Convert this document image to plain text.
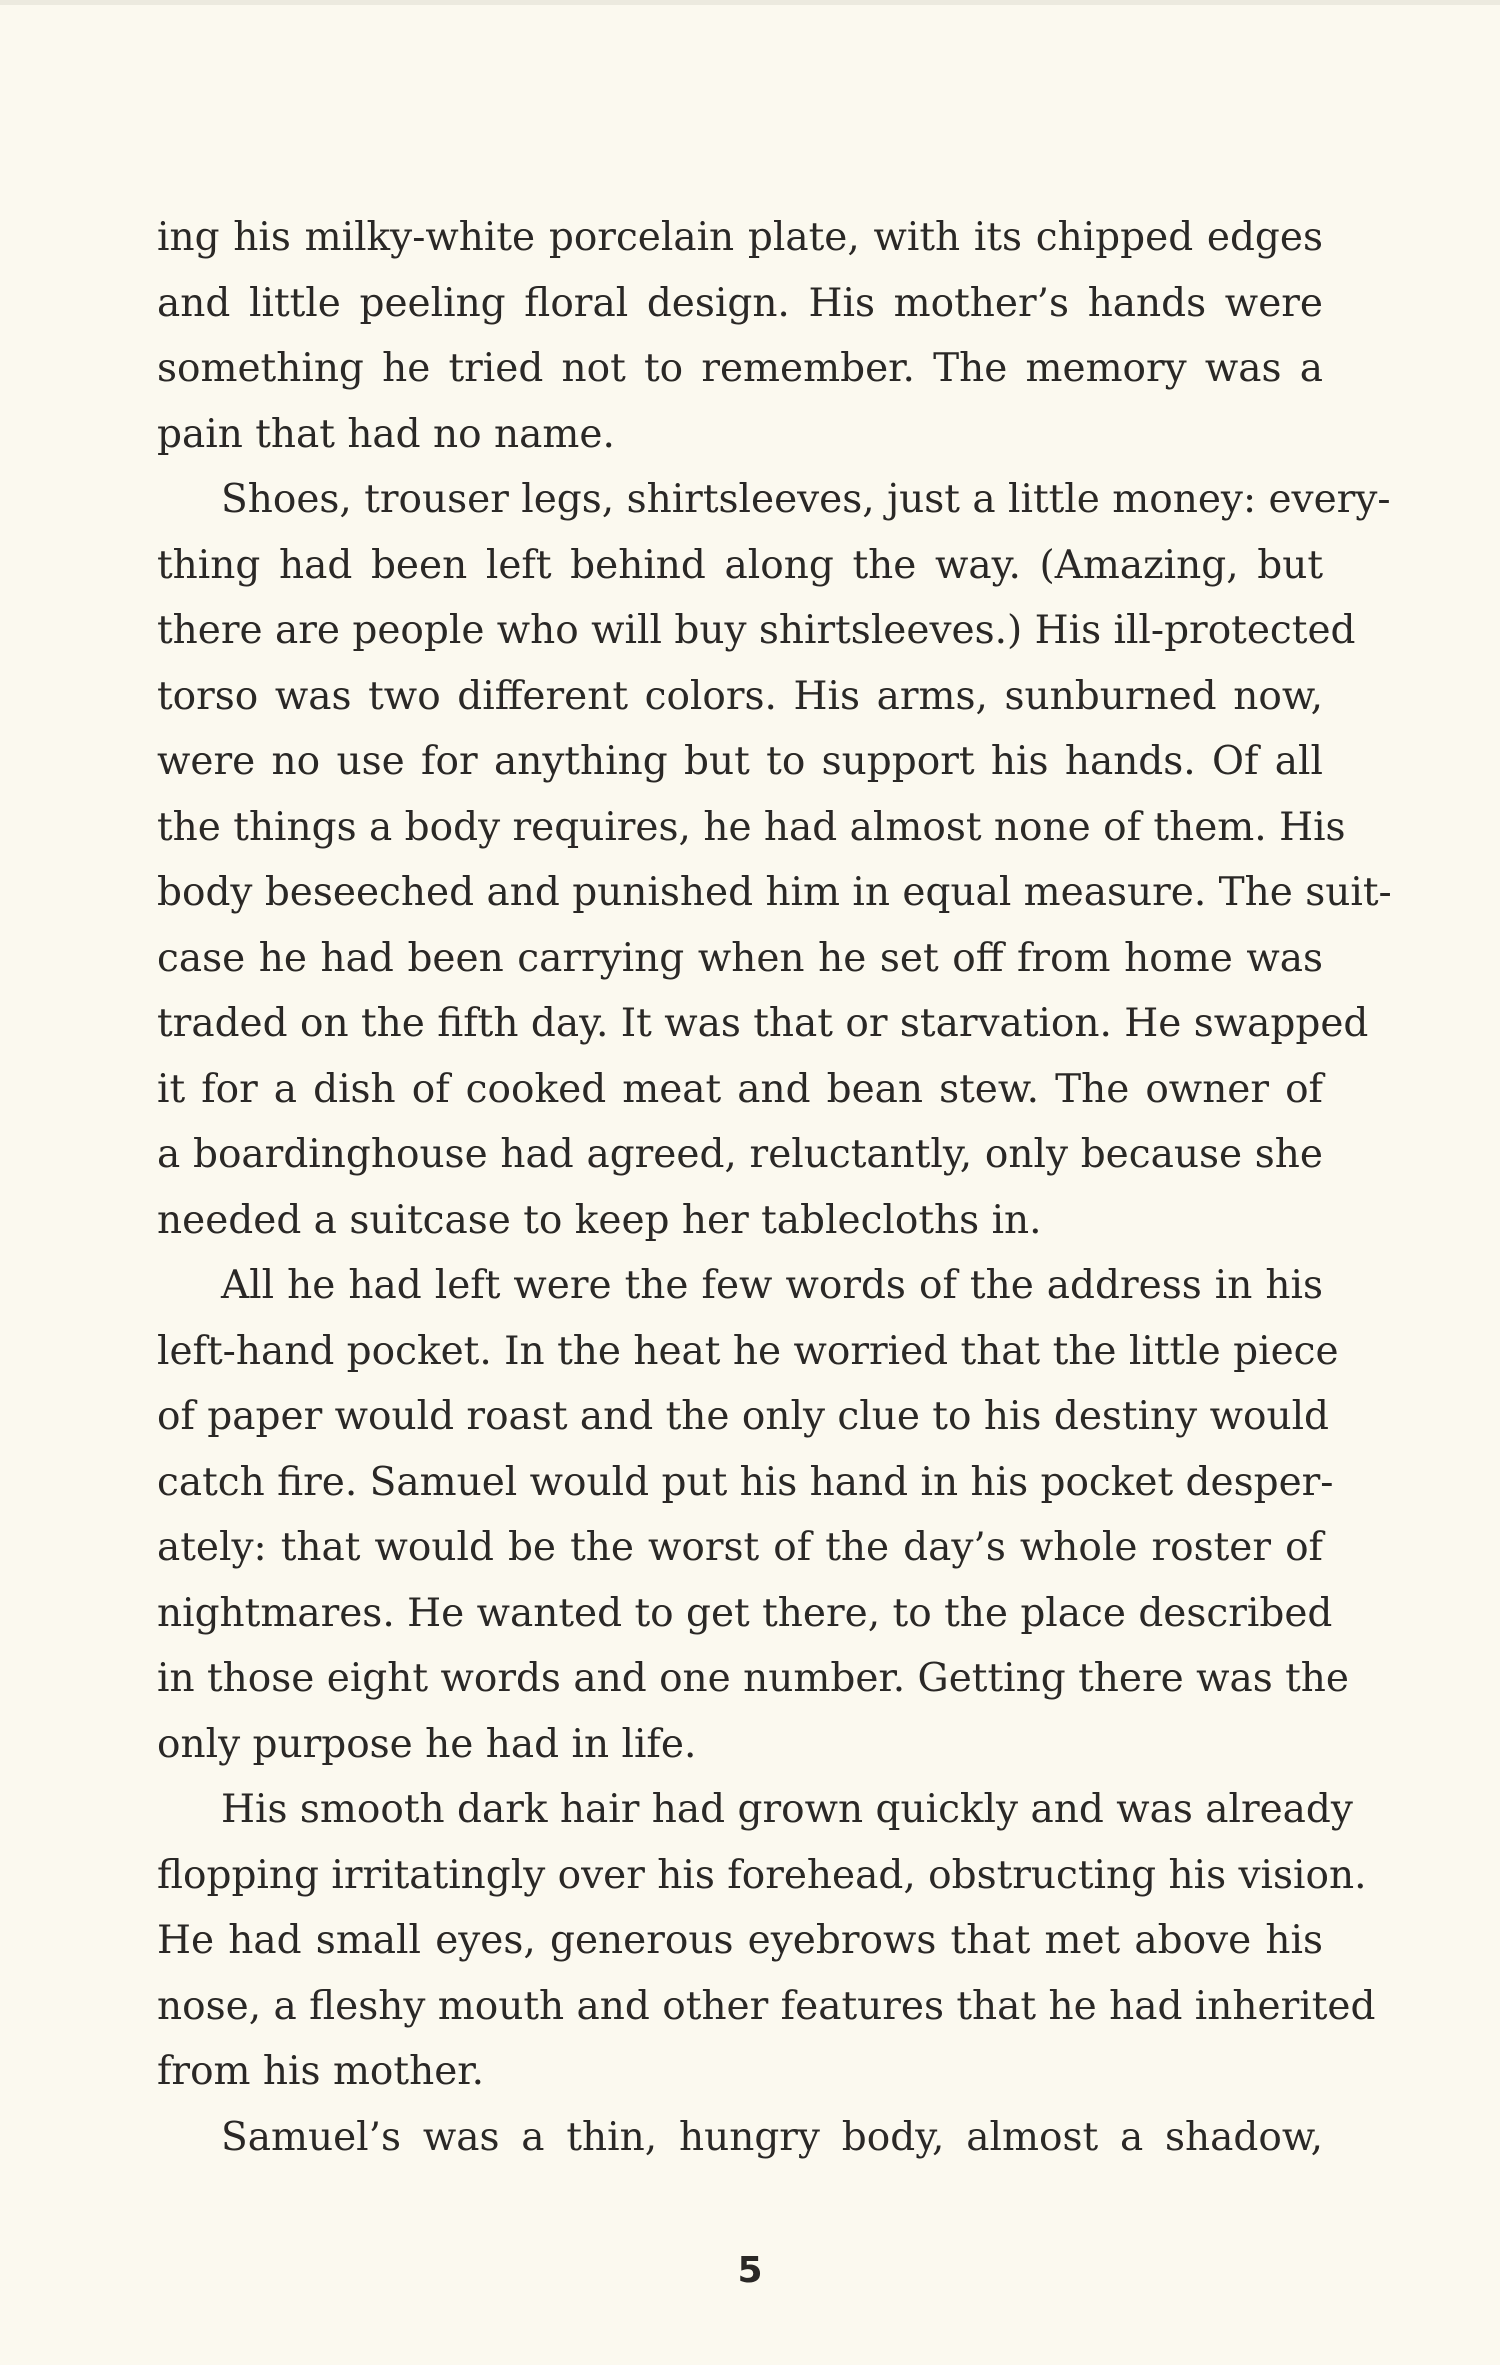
ing his milky-white porcelain plate, with its chipped edges
and little peeling floral design. His mother’s hands were
something he tried not to remember. The memory was a
pain that had no name.
Shoes, trouser legs, shirtsleeves, just a little money: every-
thing had been left behind along the way. (Amazing, but
there are people who will buy shirtsleeves.) His ill-protected
torso was two different colors. His arms, sunburned now,
were no use for anything but to support his hands. Of all
the things a body requires, he had almost none of them. His
body beseeched and punished him in equal measure. The suit-
case he had been carrying when he set off from home was
traded on the fifth day. It was that or starvation. He swapped
it for a dish of cooked meat and bean stew. The owner of
a boardinghouse had agreed, reluctantly, only because she
needed a suitcase to keep her tablecloths in.
All he had left were the few words of the address in his
left-hand pocket. In the heat he worried that the little piece
of paper would roast and the only clue to his destiny would
catch fire. Samuel would put his hand in his pocket desper-
ately: that would be the worst of the day’s whole roster of
nightmares. He wanted to get there, to the place described
in those eight words and one number. Getting there was the
only purpose he had in life.
His smooth dark hair had grown quickly and was already
flopping irritatingly over his forehead, obstructing his vision.
He had small eyes, generous eyebrows that met above his
nose, a fleshy mouth and other features that he had inherited
from his mother.
Samuel’s was a thin, hungry body, almost a shadow,
5
